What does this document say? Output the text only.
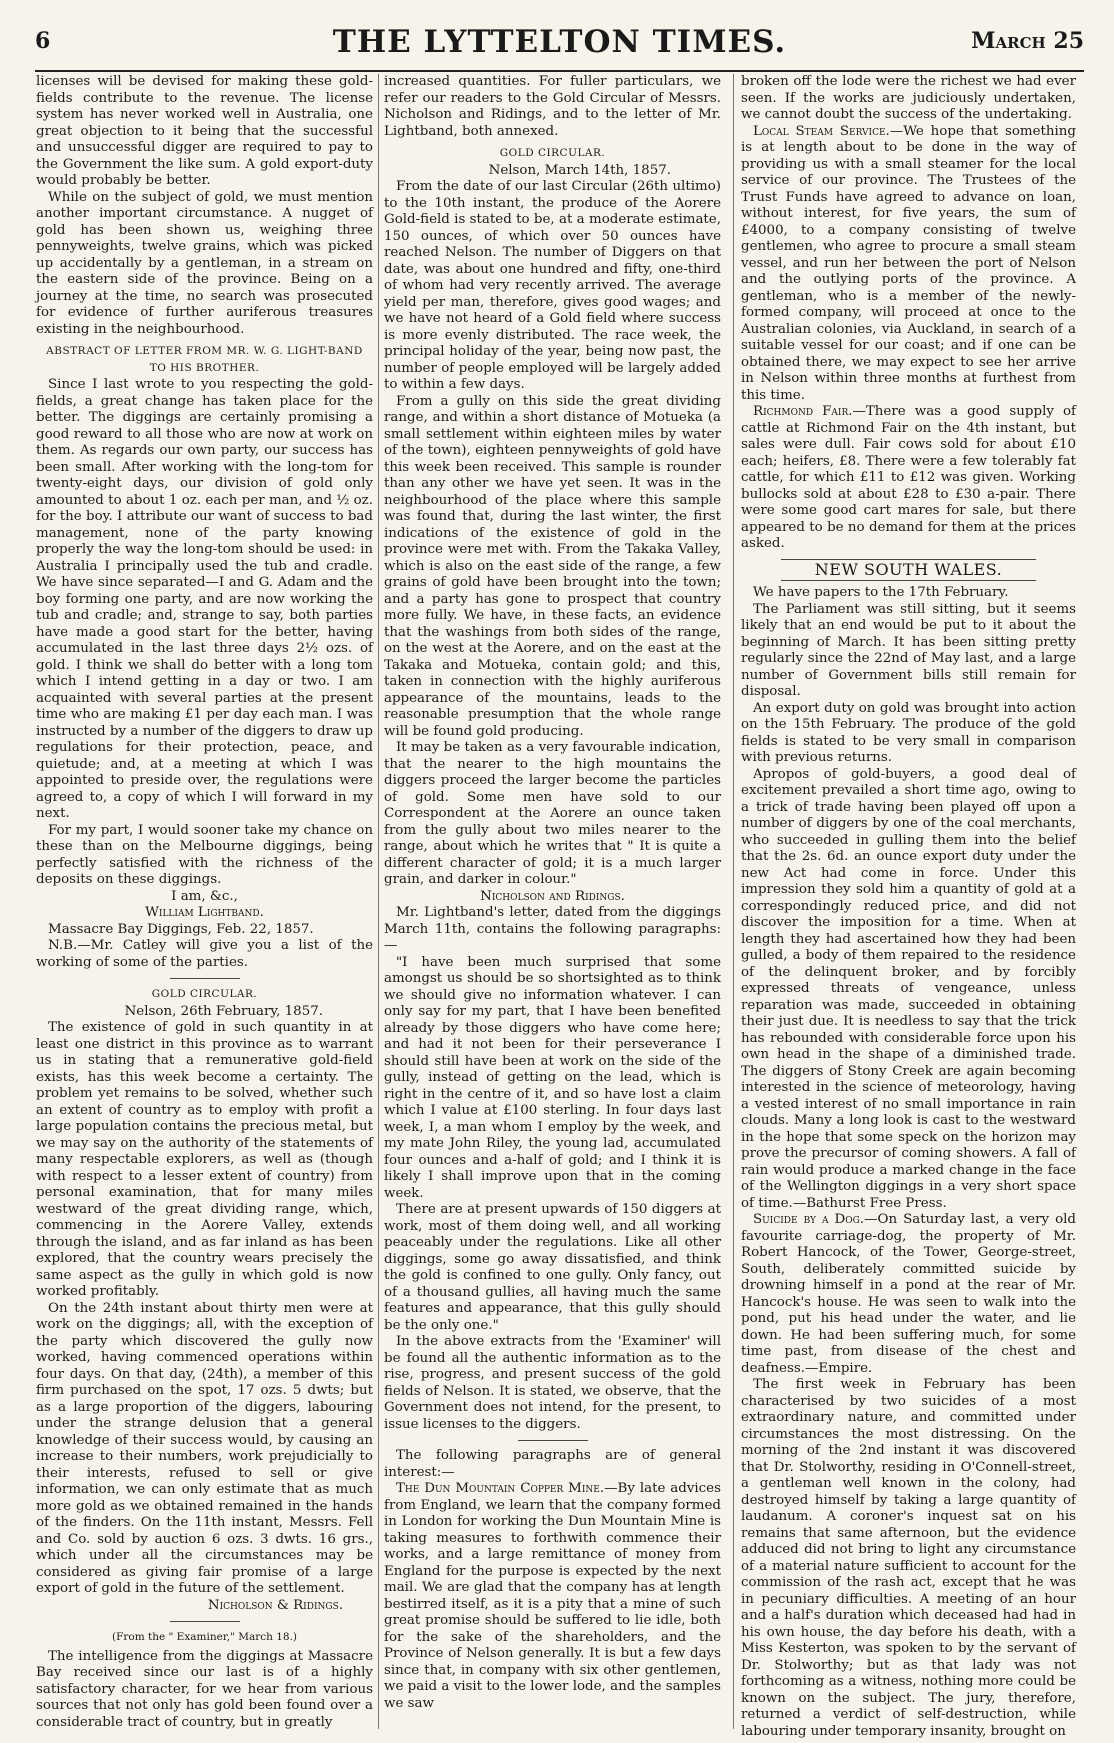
6	THE LYTTELTON TIMES.	March 25

licenses will be devised for making these gold-fields contribute to the revenue. The license system has never worked well in Australia, one great objection to it being that the successful and unsuccessful digger are required to pay to the Government the like sum. A gold export-duty would probably be better.

While on the subject of gold, we must mention another important circumstance. A nugget of gold has been shown us, weighing three pennyweights, twelve grains, which was picked up accidentally by a gentleman, in a stream on the eastern side of the province. Being on a journey at the time, no search was prosecuted for evidence of further auriferous treasures existing in the neighbourhood.

ABSTRACT OF LETTER FROM MR. W. G. LIGHT-BAND TO HIS BROTHER.

Since I last wrote to you respecting the gold-fields, a great change has taken place for the better. The diggings are certainly promising a good reward to all those who are now at work on them. As regards our own party, our success has been small. After working with the long-tom for twenty-eight days, our division of gold only amounted to about 1 oz. each per man, and ½ oz. for the boy. I attribute our want of success to bad management, none of the party knowing properly the way the long-tom should be used: in Australia I principally used the tub and cradle. We have since separated—I and G. Adam and the boy forming one party, and are now working the tub and cradle; and, strange to say, both parties have made a good start for the better, having accumulated in the last three days 2½ ozs. of gold. I think we shall do better with a long tom which I intend getting in a day or two. I am acquainted with several parties at the present time who are making £1 per day each man. I was instructed by a number of the diggers to draw up regulations for their protection, peace, and quietude; and, at a meeting at which I was appointed to preside over, the regulations were agreed to, a copy of which I will forward in my next.

For my part, I would sooner take my chance on these than on the Melbourne diggings, being perfectly satisfied with the richness of the deposits on these diggings.

I am, &c.,
William Lightband.

Massacre Bay Diggings, Feb. 22, 1857.

N.B.—Mr. Catley will give you a list of the working of some of the parties.

GOLD CIRCULAR.
Nelson, 26th February, 1857.

The existence of gold in such quantity in at least one district in this province as to warrant us in stating that a remunerative gold-field exists, has this week become a certainty. The problem yet remains to be solved, whether such an extent of country as to employ with profit a large population contains the precious metal, but we may say on the authority of the statements of many respectable explorers, as well as (though with respect to a lesser extent of country) from personal examination, that for many miles westward of the great dividing range, which, commencing in the Aorere Valley, extends through the island, and as far inland as has been explored, that the country wears precisely the same aspect as the gully in which gold is now worked profitably.

On the 24th instant about thirty men were at work on the diggings; all, with the exception of the party which discovered the gully now worked, having commenced operations within four days. On that day, (24th), a member of this firm purchased on the spot, 17 ozs. 5 dwts; but as a large proportion of the diggers, labouring under the strange delusion that a general knowledge of their success would, by causing an increase to their numbers, work prejudicially to their interests, refused to sell or give information, we can only estimate that as much more gold as we obtained remained in the hands of the finders. On the 11th instant, Messrs. Fell and Co. sold by auction 6 ozs. 3 dwts. 16 grs., which under all the circumstances may be considered as giving fair promise of a large export of gold in the future of the settlement.

Nicholson & Ridings.
(From the " Examiner," March 18.)

The intelligence from the diggings at Massacre Bay received since our last is of a highly satisfactory character, for we hear from various sources that not only has gold been found over a considerable tract of country, but in greatly

increased quantities. For fuller particulars, we refer our readers to the Gold Circular of Messrs. Nicholson and Ridings, and to the letter of Mr. Lightband, both annexed.

GOLD CIRCULAR.
Nelson, March 14th, 1857.

From the date of our last Circular (26th ultimo) to the 10th instant, the produce of the Aorere Gold-field is stated to be, at a moderate estimate, 150 ounces, of which over 50 ounces have reached Nelson. The number of Diggers on that date, was about one hundred and fifty, one-third of whom had very recently arrived. The average yield per man, therefore, gives good wages; and we have not heard of a Gold field where success is more evenly distributed. The race week, the principal holiday of the year, being now past, the number of people employed will be largely added to within a few days.

From a gully on this side the great dividing range, and within a short distance of Motueka (a small settlement within eighteen miles by water of the town), eighteen pennyweights of gold have this week been received. This sample is rounder than any other we have yet seen. It was in the neighbourhood of the place where this sample was found that, during the last winter, the first indications of the existence of gold in the province were met with. From the Takaka Valley, which is also on the east side of the range, a few grains of gold have been brought into the town; and a party has gone to prospect that country more fully. We have, in these facts, an evidence that the washings from both sides of the range, on the west at the Aorere, and on the east at the Takaka and Motueka, contain gold; and this, taken in connection with the highly auriferous appearance of the mountains, leads to the reasonable presumption that the whole range will be found gold producing.

It may be taken as a very favourable indication, that the nearer to the high mountains the diggers proceed the larger become the particles of gold. Some men have sold to our Correspondent at the Aorere an ounce taken from the gully about two miles nearer to the range, about which he writes that " It is quite a different character of gold; it is a much larger grain, and darker in colour."

Nicholson and Ridings.

Mr. Lightband's letter, dated from the diggings March 11th, contains the following paragraphs:—

"I have been much surprised that some amongst us should be so shortsighted as to think we should give no information whatever. I can only say for my part, that I have been benefited already by those diggers who have come here; and had it not been for their perseverance I should still have been at work on the side of the gully, instead of getting on the lead, which is right in the centre of it, and so have lost a claim which I value at £100 sterling. In four days last week, I, a man whom I employ by the week, and my mate John Riley, the young lad, accumulated four ounces and a-half of gold; and I think it is likely I shall improve upon that in the coming week.

There are at present upwards of 150 diggers at work, most of them doing well, and all working peaceably under the regulations. Like all other diggings, some go away dissatisfied, and think the gold is confined to one gully. Only fancy, out of a thousand gullies, all having much the same features and appearance, that this gully should be the only one."

In the above extracts from the 'Examiner' will be found all the authentic information as to the rise, progress, and present success of the gold fields of Nelson. It is stated, we observe, that the Government does not intend, for the present, to issue licenses to the diggers.

The following paragraphs are of general interest:—

The Dun Mountain Copper Mine.—By late advices from England, we learn that the company formed in London for working the Dun Mountain Mine is taking measures to forthwith commence their works, and a large remittance of money from England for the purpose is expected by the next mail. We are glad that the company has at length bestirred itself, as it is a pity that a mine of such great promise should be suffered to lie idle, both for the sake of the shareholders, and the Province of Nelson generally. It is but a few days since that, in company with six other gentlemen, we paid a visit to the lower lode, and the samples we saw

broken off the lode were the richest we had ever seen. If the works are judiciously undertaken, we cannot doubt the success of the undertaking.

Local Steam Service.—We hope that something is at length about to be done in the way of providing us with a small steamer for the local service of our province. The Trustees of the Trust Funds have agreed to advance on loan, without interest, for five years, the sum of £4000, to a company consisting of twelve gentlemen, who agree to procure a small steam vessel, and run her between the port of Nelson and the outlying ports of the province. A gentleman, who is a member of the newly-formed company, will proceed at once to the Australian colonies, via Auckland, in search of a suitable vessel for our coast; and if one can be obtained there, we may expect to see her arrive in Nelson within three months at furthest from this time.

Richmond Fair.—There was a good supply of cattle at Richmond Fair on the 4th instant, but sales were dull. Fair cows sold for about £10 each; heifers, £8. There were a few tolerably fat cattle, for which £11 to £12 was given. Working bullocks sold at about £28 to £30 a-pair. There were some good cart mares for sale, but there appeared to be no demand for them at the prices asked.

NEW SOUTH WALES.

We have papers to the 17th February.

The Parliament was still sitting, but it seems likely that an end would be put to it about the beginning of March. It has been sitting pretty regularly since the 22nd of May last, and a large number of Government bills still remain for disposal.

An export duty on gold was brought into action on the 15th February. The produce of the gold fields is stated to be very small in comparison with previous returns.

Apropos of gold-buyers, a good deal of excitement prevailed a short time ago, owing to a trick of trade having been played off upon a number of diggers by one of the coal merchants, who succeeded in gulling them into the belief that the 2s. 6d. an ounce export duty under the new Act had come in force. Under this impression they sold him a quantity of gold at a correspondingly reduced price, and did not discover the imposition for a time. When at length they had ascertained how they had been gulled, a body of them repaired to the residence of the delinquent broker, and by forcibly expressed threats of vengeance, unless reparation was made, succeeded in obtaining their just due. It is needless to say that the trick has rebounded with considerable force upon his own head in the shape of a diminished trade. The diggers of Stony Creek are again becoming interested in the science of meteorology, having a vested interest of no small importance in rain clouds. Many a long look is cast to the westward in the hope that some speck on the horizon may prove the precursor of coming showers. A fall of rain would produce a marked change in the face of the Wellington diggings in a very short space of time.—Bathurst Free Press.

Suicide by a Dog.—On Saturday last, a very old favourite carriage-dog, the property of Mr. Robert Hancock, of the Tower, George-street, South, deliberately committed suicide by drowning himself in a pond at the rear of Mr. Hancock's house. He was seen to walk into the pond, put his head under the water, and lie down. He had been suffering much, for some time past, from disease of the chest and deafness.—Empire.

The first week in February has been characterised by two suicides of a most extraordinary nature, and committed under circumstances the most distressing. On the morning of the 2nd instant it was discovered that Dr. Stolworthy, residing in O'Connell-street, a gentleman well known in the colony, had destroyed himself by taking a large quantity of laudanum. A coroner's inquest sat on his remains that same afternoon, but the evidence adduced did not bring to light any circumstance of a material nature sufficient to account for the commission of the rash act, except that he was in pecuniary difficulties. A meeting of an hour and a half's duration which deceased had had in his own house, the day before his death, with a Miss Kesterton, was spoken to by the servant of Dr. Stolworthy; but as that lady was not forthcoming as a witness, nothing more could be known on the subject. The jury, therefore, returned a verdict of self-destruction, while labouring under temporary insanity, brought on
